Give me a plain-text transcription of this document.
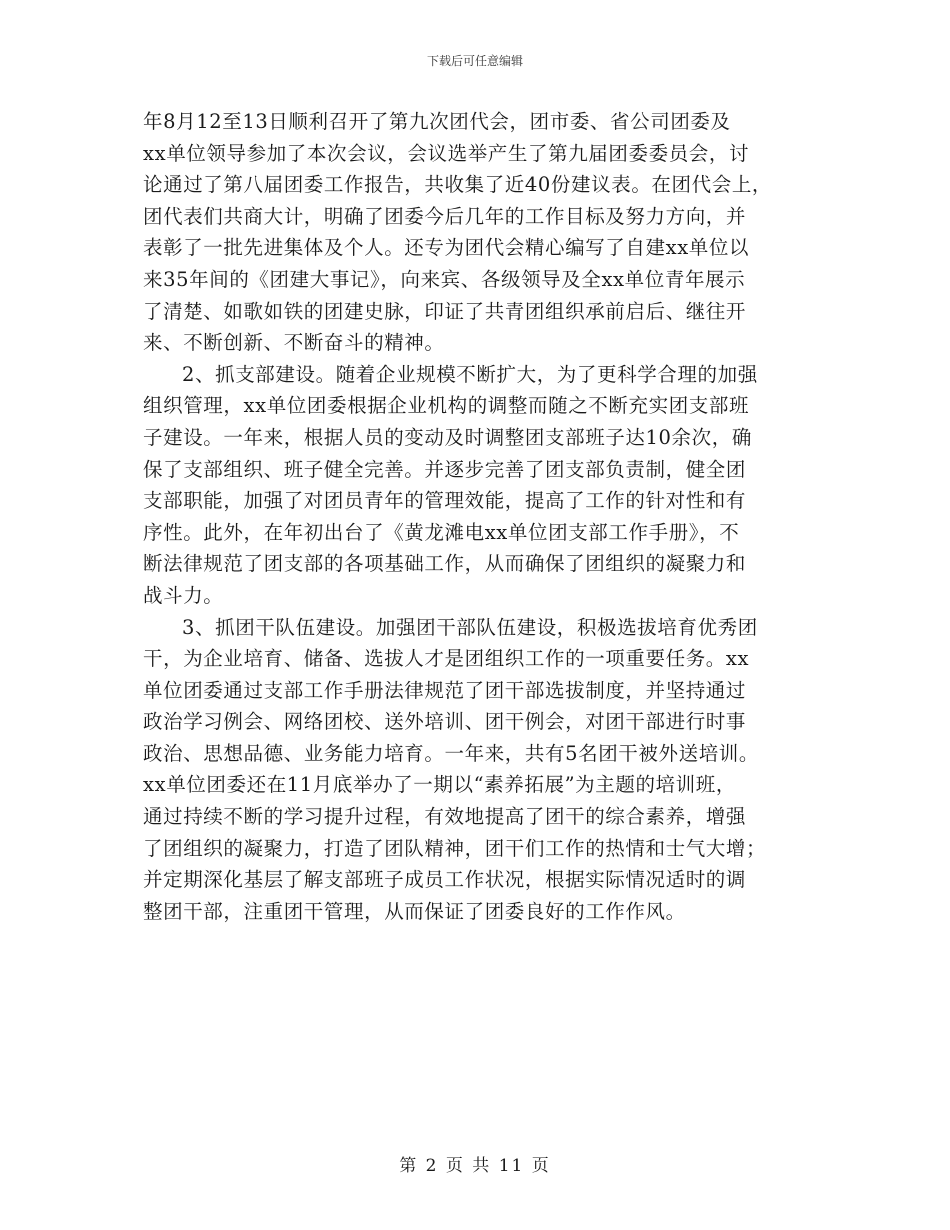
下载后可任意编辑
年8月12至13日顺利召开了第九次团代会，团市委、省公司团委及
xx单位领导参加了本次会议，会议选举产生了第九届团委委员会，讨
论通过了第八届团委工作报告，共收集了近40份建议表。在团代会上，
团代表们共商大计，明确了团委今后几年的工作目标及努力方向，并
表彰了一批先进集体及个人。还专为团代会精心编写了自建xx单位以
来35年间的《团建大事记》，向来宾、各级领导及全xx单位青年展示
了清楚、如歌如铁的团建史脉，印证了共青团组织承前启后、继往开
来、不断创新、不断奋斗的精神。
2、抓支部建设。随着企业规模不断扩大，为了更科学合理的加强
组织管理，xx单位团委根据企业机构的调整而随之不断充实团支部班
子建设。一年来，根据人员的变动及时调整团支部班子达10余次，确
保了支部组织、班子健全完善。并逐步完善了团支部负责制，健全团
支部职能，加强了对团员青年的管理效能，提高了工作的针对性和有
序性。此外，在年初出台了《黄龙滩电xx单位团支部工作手册》，不
断法律规范了团支部的各项基础工作，从而确保了团组织的凝聚力和
战斗力。
3、抓团干队伍建设。加强团干部队伍建设，积极选拔培育优秀团
干，为企业培育、储备、选拔人才是团组织工作的一项重要任务。xx
单位团委通过支部工作手册法律规范了团干部选拔制度，并坚持通过
政治学习例会、网络团校、送外培训、团干例会，对团干部进行时事
政治、思想品德、业务能力培育。一年来，共有5名团干被外送培训。
xx单位团委还在11月底举办了一期以“素养拓展”为主题的培训班，
通过持续不断的学习提升过程，有效地提高了团干的综合素养，增强
了团组织的凝聚力，打造了团队精神，团干们工作的热情和士气大增；
并定期深化基层了解支部班子成员工作状况，根据实际情况适时的调
整团干部，注重团干管理，从而保证了团委良好的工作作风。
第 2 页 共 11 页
